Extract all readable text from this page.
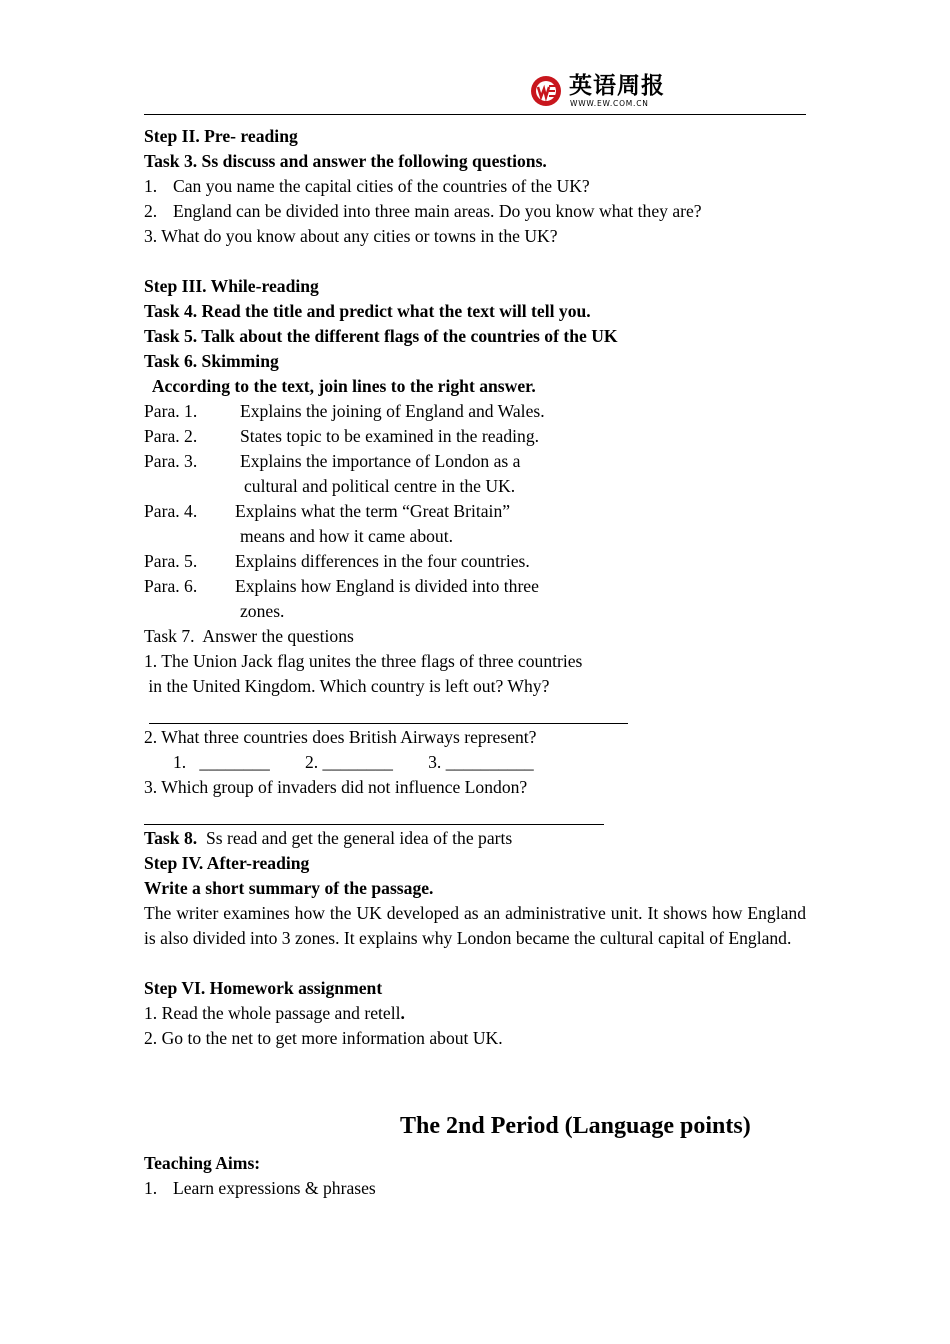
英语周报
WWW.EW.COM.CN
Step II. Pre- reading
Task 3. Ss discuss and answer the following questions.
1. Can you name the capital cities of the countries of the UK?
2. England can be divided into three main areas. Do you know what they are?
3. What do you know about any cities or towns in the UK?
Step III. While-reading
Task 4. Read the title and predict what the text will tell you.
Task 5. Talk about the different flags of the countries of the UK
Task 6. Skimming
According to the text, join lines to the right answer.
Para. 1.	Explains the joining of England and Wales.
Para. 2.	States topic to be examined in the reading.
Para. 3.	Explains the importance of London as a
cultural and political centre in the UK.
Para. 4.	Explains what the term “Great Britain”
means and how it came about.
Para. 5.	Explains differences in the four countries.
Para. 6.	Explains how England is divided into three
zones.
Task 7.  Answer the questions
1. The Union Jack flag unites the three flags of three countries
in the United Kingdom. Which country is left out? Why?
2. What three countries does British Airways represent?
1.   ________        2. ________        3. __________
3. Which group of invaders did not influence London?
Task 8.  Ss read and get the general idea of the parts
Step IV. After-reading
Write a short summary of the passage.
The writer examines how the UK developed as an administrative unit. It shows how England is also divided into 3 zones. It explains why London became the cultural capital of England.
Step VI. Homework assignment
1. Read the whole passage and retell.
2. Go to the net to get more information about UK.
The 2nd Period (Language points)
Teaching Aims:
1. Learn expressions & phrases
